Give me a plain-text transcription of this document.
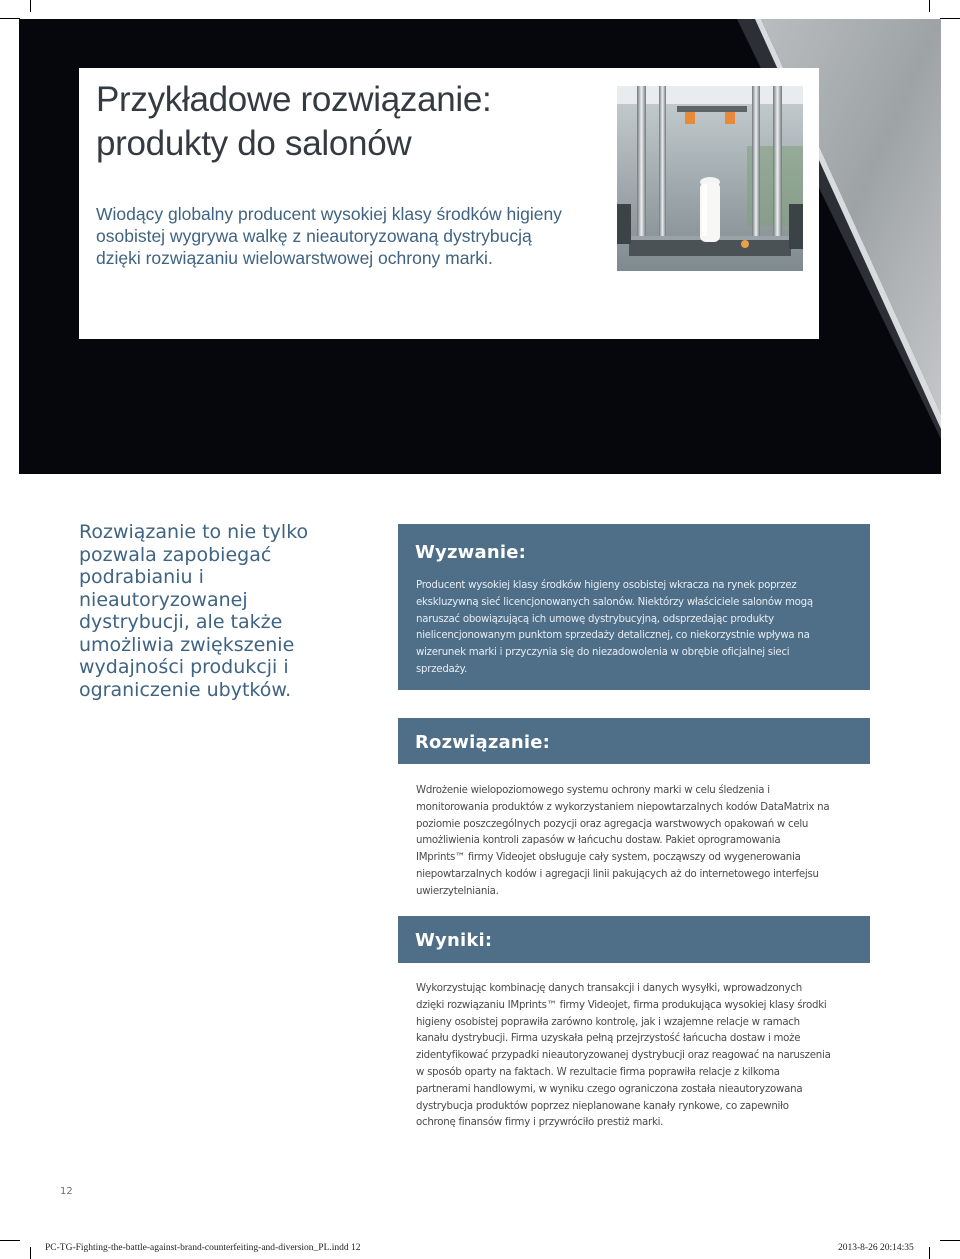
Przykładowe rozwiązanie: produkty do salonów

Wiodący globalny producent wysokiej klasy środków higieny osobistej wygrywa walkę z nieautoryzowaną dystrybucją dzięki rozwiązaniu wielowarstwowej ochrony marki.

Rozwiązanie to nie tylko pozwala zapobiegać podrabianiu i nieautoryzowanej dystrybucji, ale także umożliwia zwiększenie wydajności produkcji i ograniczenie ubytków.

Wyzwanie:

Producent wysokiej klasy środków higieny osobistej wkracza na rynek poprzez ekskluzywną sieć licencjonowanych salonów. Niektórzy właściciele salonów mogą naruszać obowiązującą ich umowę dystrybucyjną, odsprzedając produkty nielicencjonowanym punktom sprzedaży detalicznej, co niekorzystnie wpływa na wizerunek marki i przyczynia się do niezadowolenia w obrębie oficjalnej sieci sprzedaży.

Rozwiązanie:

Wdrożenie wielopoziomowego systemu ochrony marki w celu śledzenia i monitorowania produktów z wykorzystaniem niepowtarzalnych kodów DataMatrix na poziomie poszczególnych pozycji oraz agregacja warstwowych opakowań w celu umożliwienia kontroli zapasów w łańcuchu dostaw. Pakiet oprogramowania IMprints™ firmy Videojet obsługuje cały system, począwszy od wygenerowania niepowtarzalnych kodów i agregacji linii pakujących aż do internetowego interfejsu uwierzytelniania.

Wyniki:

Wykorzystując kombinację danych transakcji i danych wysyłki, wprowadzonych dzięki rozwiązaniu IMprints™ firmy Videojet, firma produkująca wysokiej klasy środki higieny osobistej poprawiła zarówno kontrolę, jak i wzajemne relacje w ramach kanału dystrybucji. Firma uzyskała pełną przejrzystość łańcucha dostaw i może zidentyfikować przypadki nieautoryzowanej dystrybucji oraz reagować na naruszenia w sposób oparty na faktach. W rezultacie firma poprawiła relacje z kilkoma partnerami handlowymi, w wyniku czego ograniczona została nieautoryzowana dystrybucja produktów poprzez nieplanowane kanały rynkowe, co zapewniło ochronę finansów firmy i przywróciło prestiż marki.

12
PC-TG-Fighting-the-battle-against-brand-counterfeiting-and-diversion_PL.indd 12	2013-8-26 20:14:35
